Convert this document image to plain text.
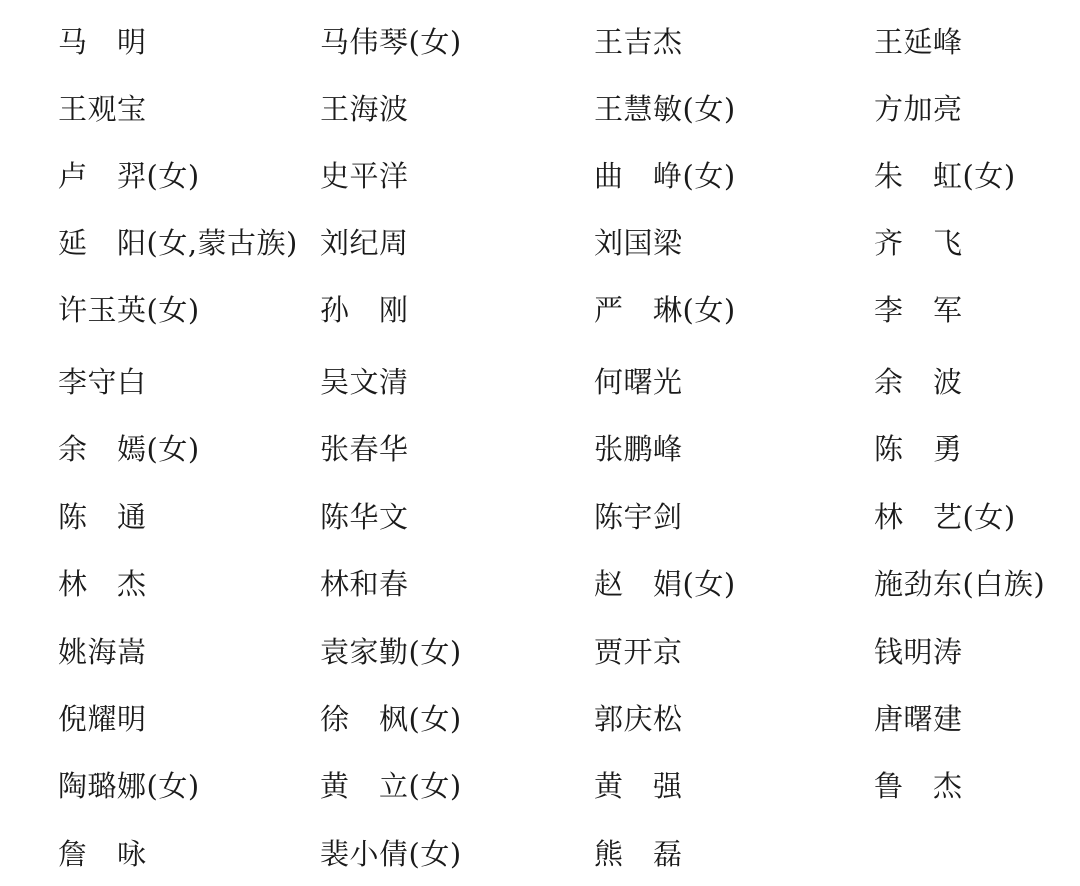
马　明	马伟琴(女)	王吉杰	王延峰
王观宝	王海波	王慧敏(女)	方加亮
卢　羿(女)	史平洋	曲　峥(女)	朱　虹(女)
延　阳(女,蒙古族) 刘纪周	刘国梁	齐　飞
许玉英(女)	孙　刚	严　琳(女)	李　军
李守白	吴文清	何曙光	余　波
余　嫣(女)	张春华	张鹏峰	陈　勇
陈　通	陈华文	陈宇剑	林　艺(女)
林　杰	林和春	赵　娟(女)	施劲东(白族)
姚海嵩	袁家勤(女)	贾开京	钱明涛
倪耀明	徐　枫(女)	郭庆松	唐曙建
陶璐娜(女)	黄　立(女)	黄　强	鲁　杰
詹　咏	裴小倩(女)	熊　磊
